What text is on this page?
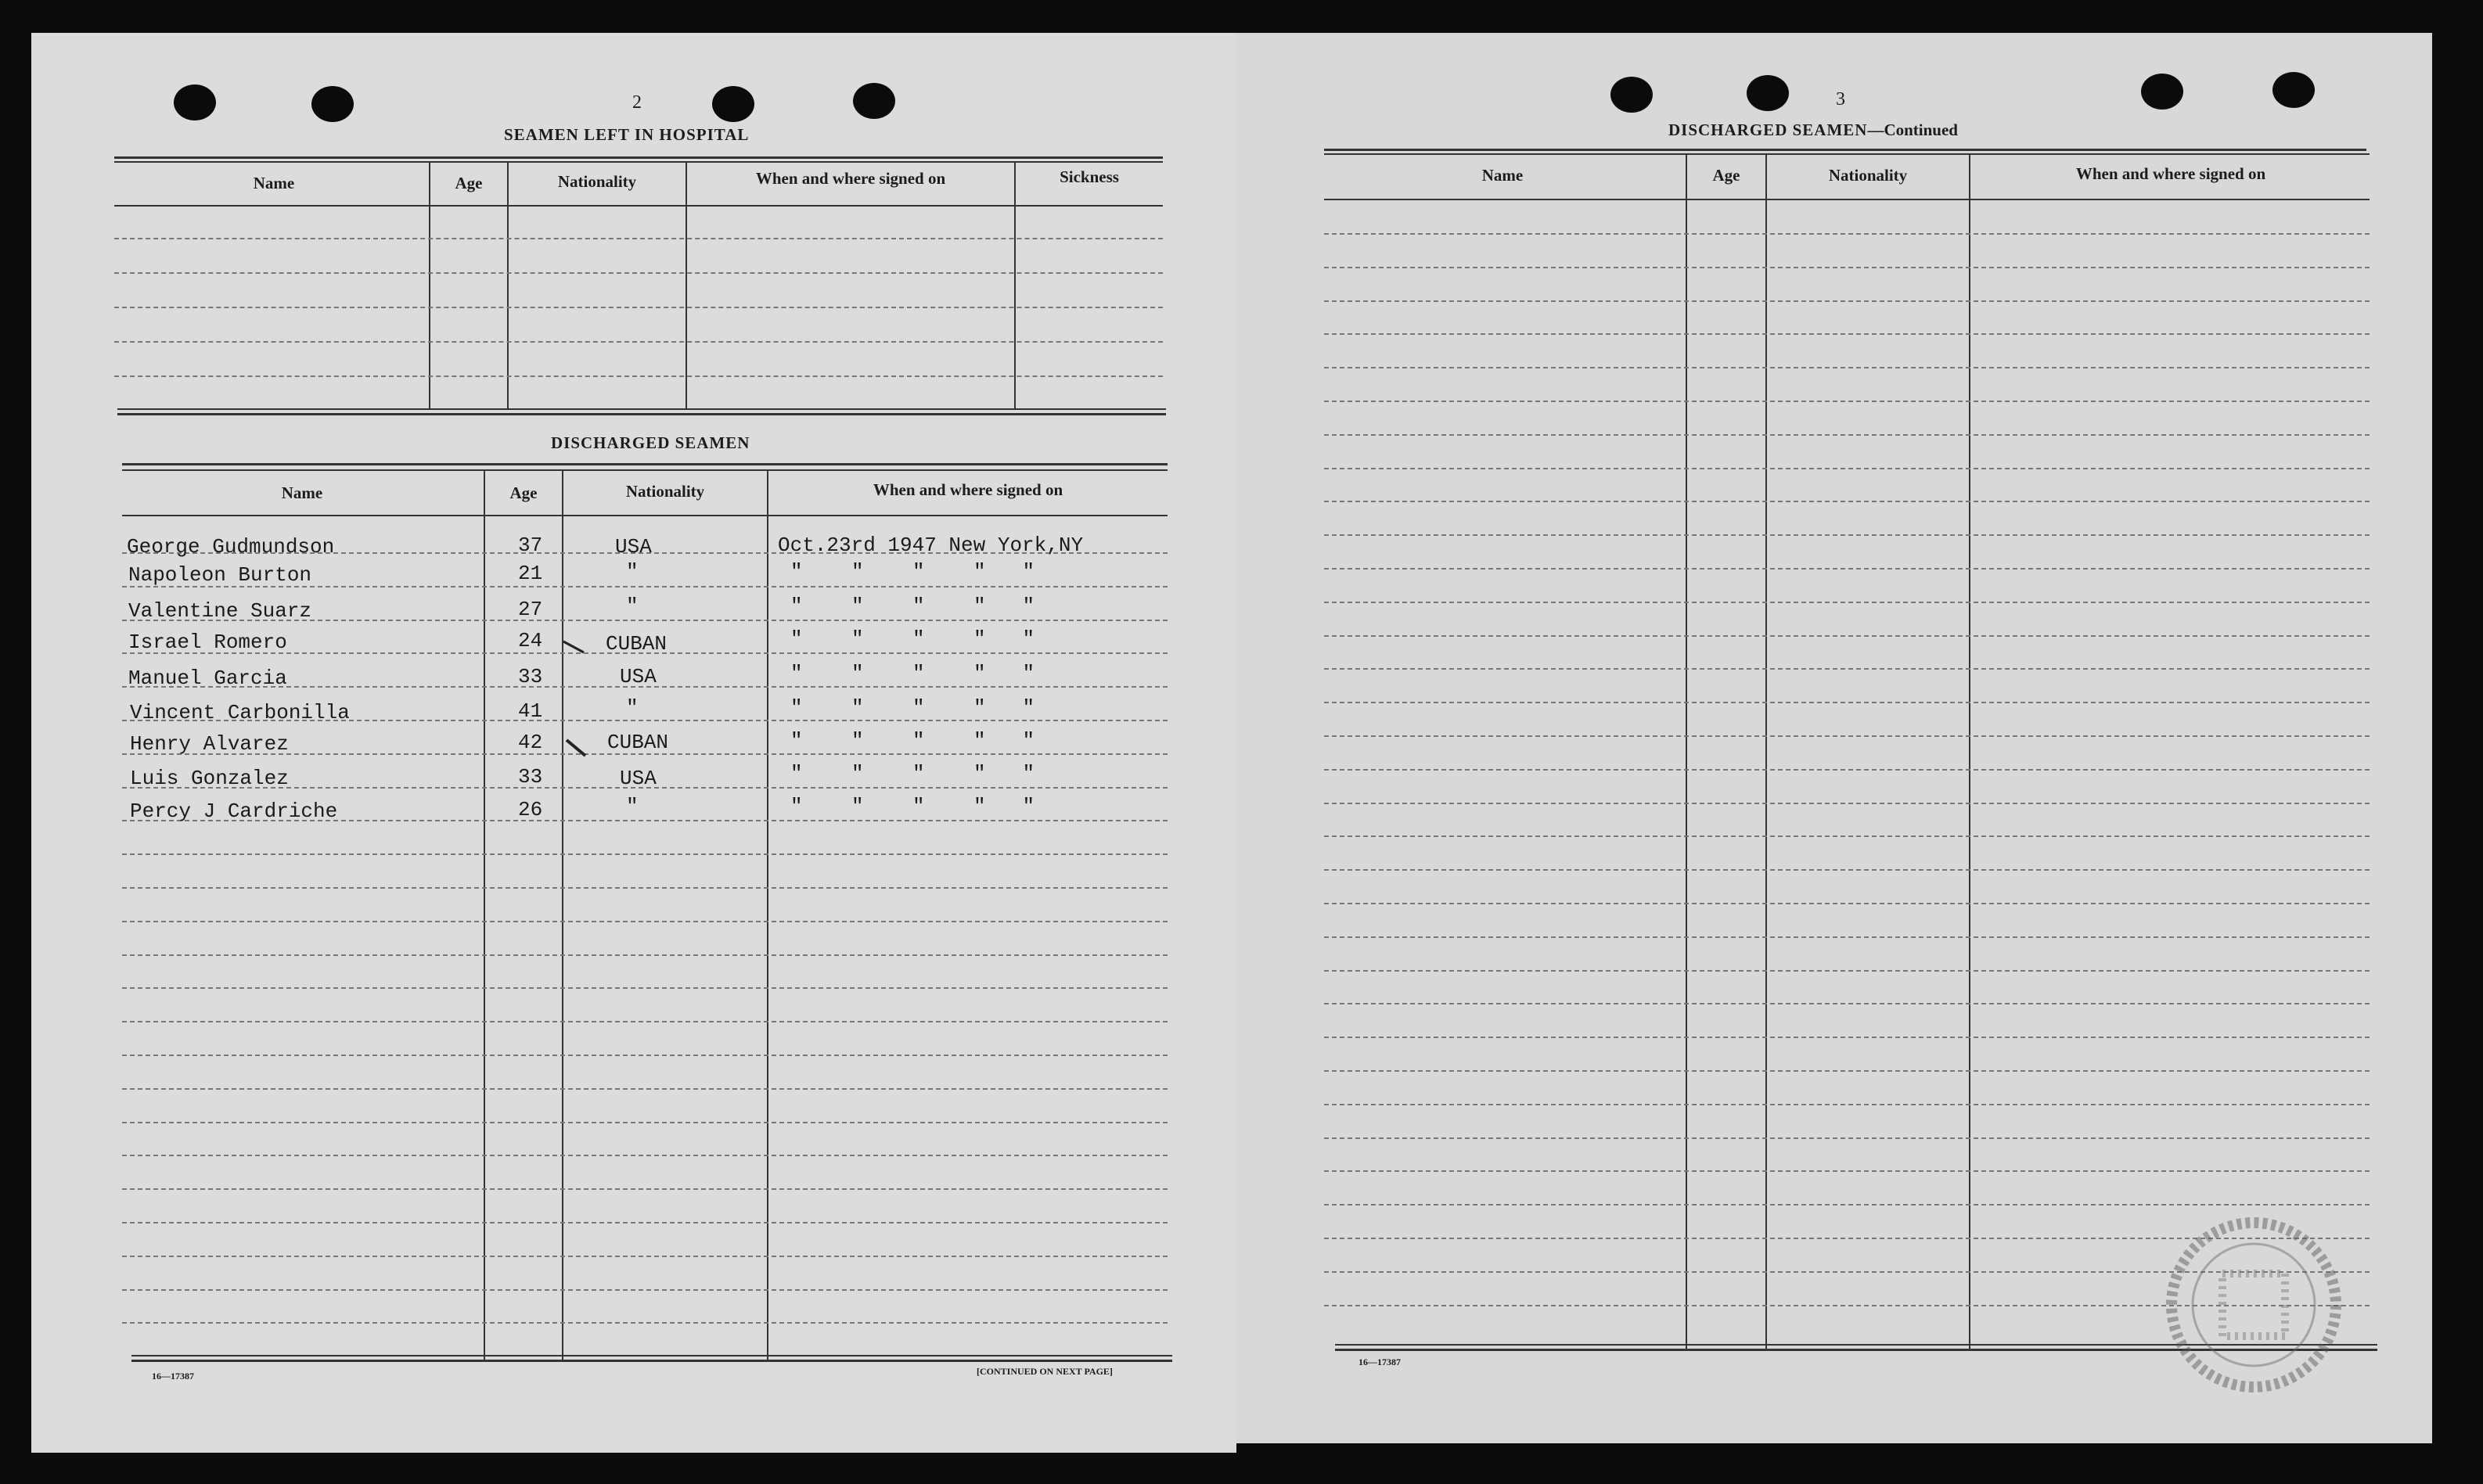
2
SEAMEN LEFT IN HOSPITAL
Name	Age	Nationality	When and where signed on	Sickness
DISCHARGED SEAMEN
Name	Age	Nationality	When and where signed on
George Gudmundson	37	USA	Oct.23rd 1947 New York,NY
Napoleon Burton	21	"	"    "    "    "   "
Valentine Suarz	27	"	"    "    "    "   "
Israel Romero	24	CUBAN	"    "    "    "   "
Manuel Garcia	33	USA	"    "    "    "   "
Vincent Carbonilla	41	"	"    "    "    "   "
Henry Alvarez	42	CUBAN	"    "    "    "   "
Luis Gonzalez	33	USA	"    "    "    "   "
Percy J Cardriche	26	"	"    "    "    "   "
16—17387	[CONTINUED ON NEXT PAGE]
3
DISCHARGED SEAMEN—Continued
Name	Age	Nationality	When and where signed on
16—17387
